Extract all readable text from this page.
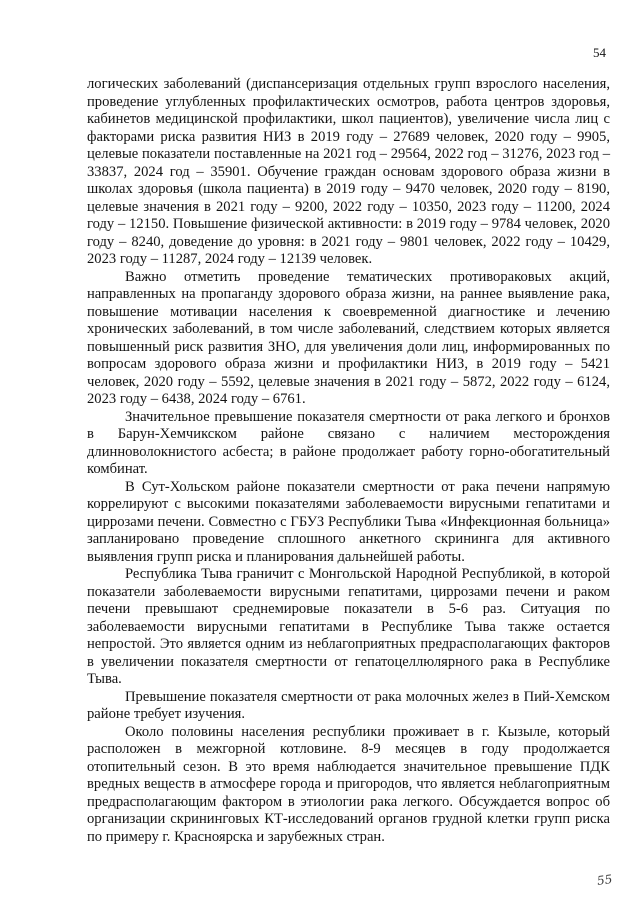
54

логических заболеваний (диспансеризация отдельных групп взрослого населения, проведение углубленных профилактических осмотров, работа центров здоровья, кабинетов медицинской профилактики, школ пациентов), увеличение числа лиц с факторами риска развития НИЗ в 2019 году – 27689 человек, 2020 году – 9905, целевые показатели поставленные на 2021 год – 29564, 2022 год – 31276, 2023 год – 33837, 2024 год – 35901. Обучение граждан основам здорового образа жизни в школах здоровья (школа пациента) в 2019 году – 9470 человек, 2020 году – 8190, целевые значения в 2021 году – 9200, 2022 году – 10350, 2023 году – 11200, 2024 году – 12150. Повышение физической активности: в 2019 году – 9784 человек, 2020 году – 8240, доведение до уровня: в 2021 году – 9801 человек, 2022 году – 10429, 2023 году – 11287, 2024 году – 12139 человек.

Важно отметить проведение тематических противораковых акций, направленных на пропаганду здорового образа жизни, на раннее выявление рака, повышение мотивации населения к своевременной диагностике и лечению хронических заболеваний, в том числе заболеваний, следствием которых является повышенный риск развития ЗНО, для увеличения доли лиц, информированных по вопросам здорового образа жизни и профилактики НИЗ, в 2019 году – 5421 человек, 2020 году – 5592, целевые значения в 2021 году – 5872, 2022 году – 6124, 2023 году – 6438, 2024 году – 6761.

Значительное превышение показателя смертности от рака легкого и бронхов в Барун-Хемчикском районе связано с наличием месторождения длинноволокнистого асбеста; в районе продолжает работу горно-обогатительный комбинат.

В Сут-Хольском районе показатели смертности от рака печени напрямую коррелируют с высокими показателями заболеваемости вирусными гепатитами и циррозами печени. Совместно с ГБУЗ Республики Тыва «Инфекционная больница» запланировано проведение сплошного анкетного скрининга для активного выявления групп риска и планирования дальнейшей работы.

Республика Тыва граничит с Монгольской Народной Республикой, в которой показатели заболеваемости вирусными гепатитами, циррозами печени и раком печени превышают среднемировые показатели в 5-6 раз. Ситуация по заболеваемости вирусными гепатитами в Республике Тыва также остается непростой. Это является одним из неблагоприятных предрасполагающих факторов в увеличении показателя смертности от гепатоцеллюлярного рака в Республике Тыва.

Превышение показателя смертности от рака молочных желез в Пий-Хемском районе требует изучения.

Около половины населения республики проживает в г. Кызыле, который расположен в межгорной котловине. 8-9 месяцев в году продолжается отопительный сезон. В это время наблюдается значительное превышение ПДК вредных веществ в атмосфере города и пригородов, что является неблагоприятным предрасполагающим фактором в этиологии рака легкого. Обсуждается вопрос об организации скрининговых КТ-исследований органов грудной клетки групп риска по примеру г. Красноярска и зарубежных стран.

55
